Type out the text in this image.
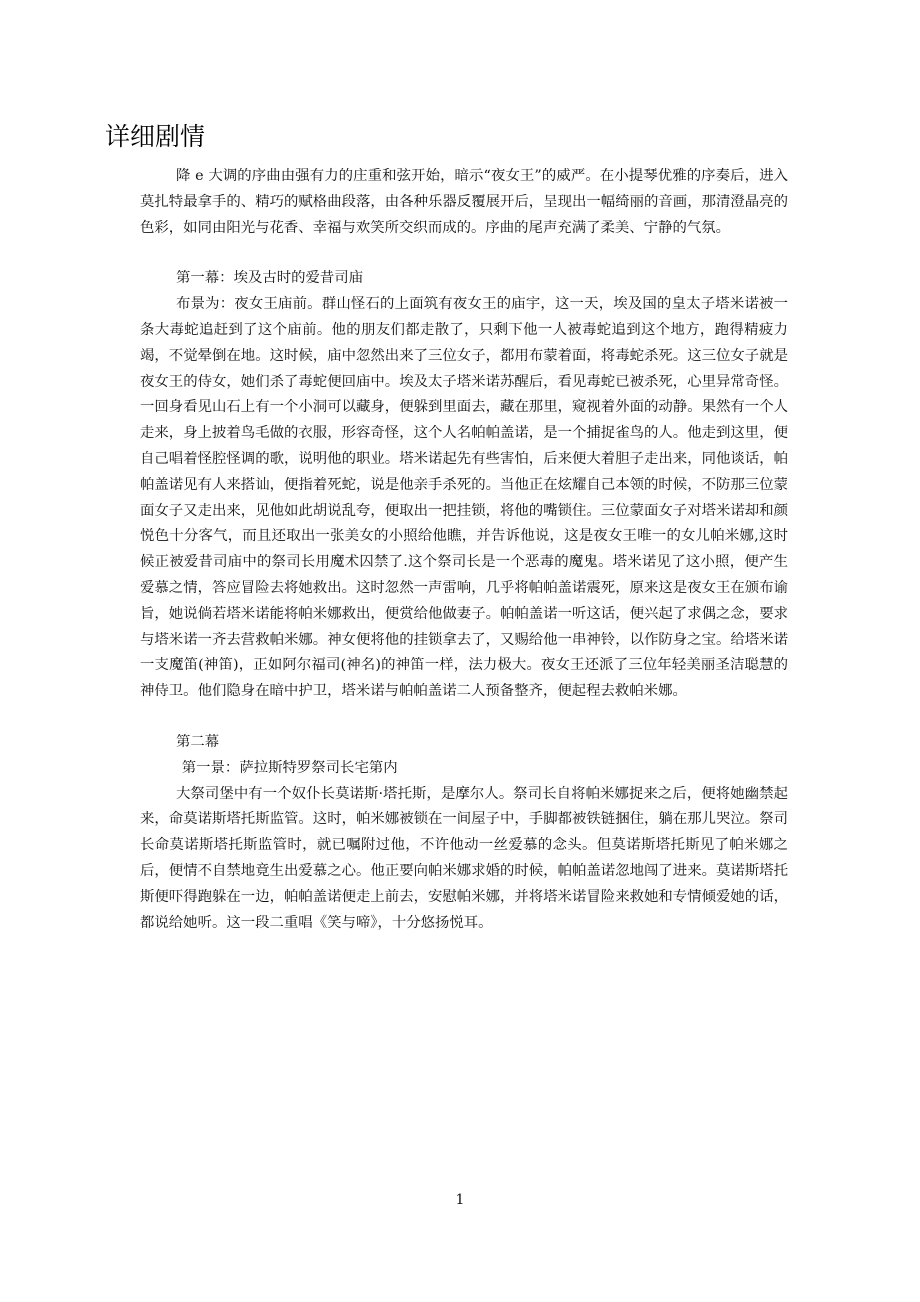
详细剧情

降 e 大调的序曲由强有力的庄重和弦开始，暗示“夜女王”的威严。在小提琴优雅的序奏后，进入莫扎特最拿手的、精巧的赋格曲段落，由各种乐器反覆展开后，呈现出一幅绮丽的音画，那清澄晶亮的色彩，如同由阳光与花香、幸福与欢笑所交织而成的。序曲的尾声充满了柔美、宁静的气氛。

第一幕：埃及古时的爱昔司庙

布景为：夜女王庙前。群山怪石的上面筑有夜女王的庙宇，这一天，埃及国的皇太子塔米诺被一条大毒蛇追赶到了这个庙前。他的朋友们都走散了，只剩下他一人被毒蛇追到这个地方，跑得精疲力竭，不觉晕倒在地。这时候，庙中忽然出来了三位女子，都用布蒙着面，将毒蛇杀死。这三位女子就是夜女王的侍女，她们杀了毒蛇便回庙中。埃及太子塔米诺苏醒后，看见毒蛇已被杀死，心里异常奇怪。一回身看见山石上有一个小洞可以藏身，便躲到里面去，藏在那里，窥视着外面的动静。果然有一个人走来，身上披着鸟毛做的衣服，形容奇怪，这个人名帕帕盖诺，是一个捕捉雀鸟的人。他走到这里，便自己唱着怪腔怪调的歌，说明他的职业。塔米诺起先有些害怕，后来便大着胆子走出来，同他谈话，帕帕盖诺见有人来搭讪，便指着死蛇，说是他亲手杀死的。当他正在炫耀自己本领的时候，不防那三位蒙面女子又走出来，见他如此胡说乱夸，便取出一把挂锁，将他的嘴锁住。三位蒙面女子对塔米诺却和颜悦色十分客气，而且还取出一张美女的小照给他瞧，并告诉他说，这是夜女王唯一的女儿帕米娜,这时候正被爱昔司庙中的祭司长用魔术囚禁了.这个祭司长是一个恶毒的魔鬼。塔米诺见了这小照，便产生爱慕之情，答应冒险去将她救出。这时忽然一声雷响，几乎将帕帕盖诺震死，原来这是夜女王在颁布谕旨，她说倘若塔米诺能将帕米娜救出，便赏给他做妻子。帕帕盖诺一听这话，便兴起了求偶之念，要求与塔米诺一齐去营救帕米娜。神女便将他的挂锁拿去了，又赐给他一串神铃，以作防身之宝。给塔米诺一支魔笛(神笛)，正如阿尔福司(神名)的神笛一样，法力极大。夜女王还派了三位年轻美丽圣洁聪慧的神侍卫。他们隐身在暗中护卫，塔米诺与帕帕盖诺二人预备整齐，便起程去救帕米娜。

第二幕

第一景：萨拉斯特罗祭司长宅第内

大祭司堡中有一个奴仆长莫诺斯·塔托斯，是摩尔人。祭司长自将帕米娜捉来之后，便将她幽禁起来，命莫诺斯塔托斯监管。这时，帕米娜被锁在一间屋子中，手脚都被铁链捆住，躺在那儿哭泣。祭司长命莫诺斯塔托斯监管时，就已嘱附过他，不许他动一丝爱慕的念头。但莫诺斯塔托斯见了帕米娜之后，便情不自禁地竟生出爱慕之心。他正要向帕米娜求婚的时候，帕帕盖诺忽地闯了进来。莫诺斯塔托斯便吓得跑躲在一边，帕帕盖诺便走上前去，安慰帕米娜，并将塔米诺冒险来救她和专情倾爱她的话，都说给她听。这一段二重唱《笑与啼》，十分悠扬悦耳。

1
